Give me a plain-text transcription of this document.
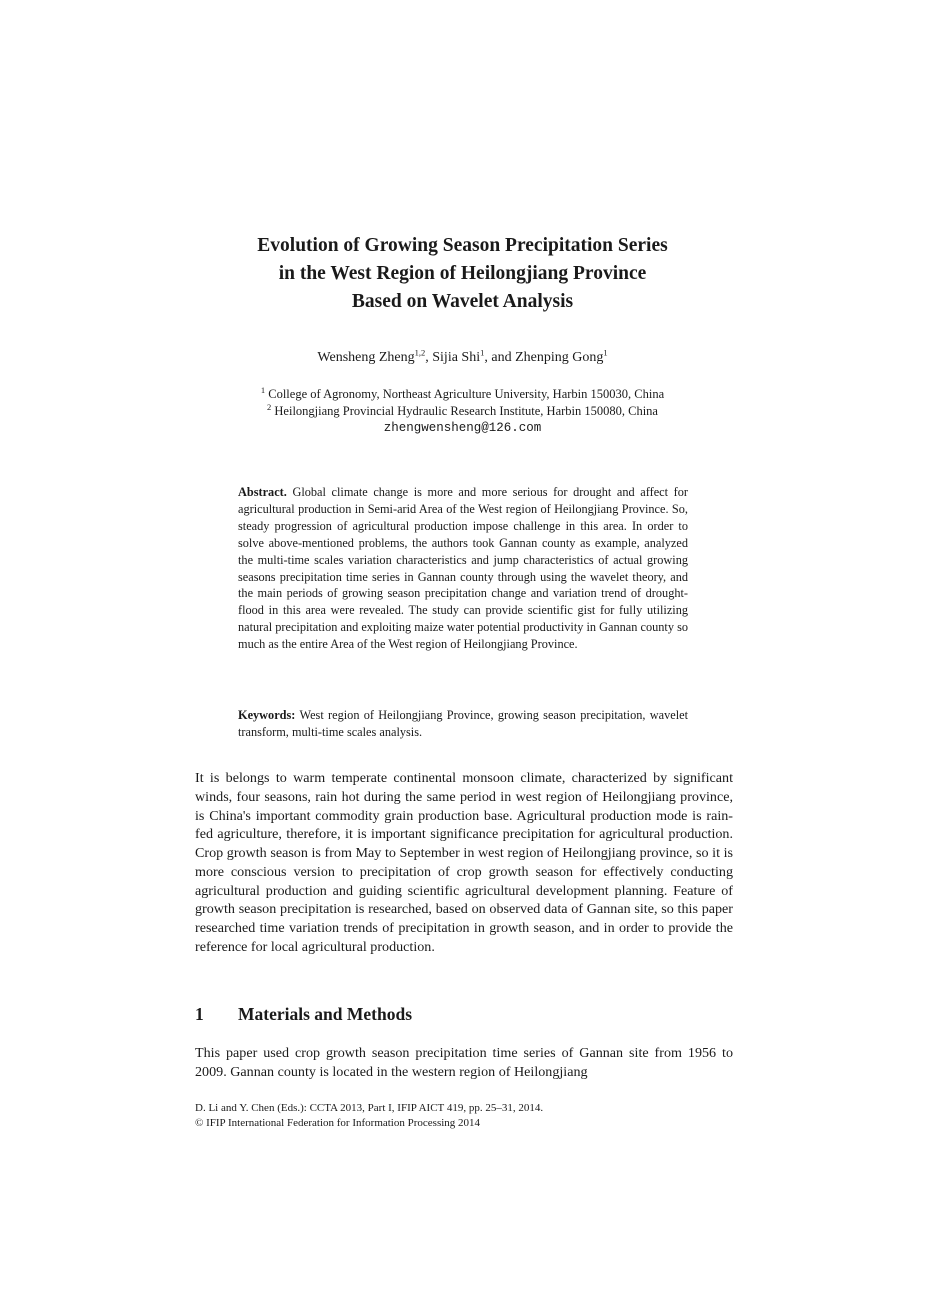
Evolution of Growing Season Precipitation Series
in the West Region of Heilongjiang Province
Based on Wavelet Analysis

Wensheng Zheng$^{1,2}$, Sijia Shi$^1$, and Zhenping Gong$^1$

$^1$ College of Agronomy, Northeast Agriculture University, Harbin 150030, China
$^2$ Heilongjiang Provincial Hydraulic Research Institute, Harbin 150080, China
zhengwensheng@126.com

Abstract. Global climate change is more and more serious for drought and affect for agricultural production in Semi-arid Area of the West region of Heilongjiang Province. So, steady progression of agricultural production impose challenge in this area. In order to solve above-mentioned problems, the authors took Gannan county as example, analyzed the multi-time scales variation characteristics and jump characteristics of actual growing seasons precipitation time series in Gannan county through using the wavelet theory, and the main periods of growing season precipitation change and variation trend of drought-flood in this area were revealed. The study can provide scientific gist for fully utilizing natural precipitation and exploiting maize water potential productivity in Gannan county so much as the entire Area of the West region of Heilongjiang Province.

Keywords: West region of Heilongjiang Province, growing season precipitation, wavelet transform, multi-time scales analysis.

It is belongs to warm temperate continental monsoon climate, characterized by significant winds, four seasons, rain hot during the same period in west region of Heilongjiang province, is China's important commodity grain production base. Agricultural production mode is rain-fed agriculture, therefore, it is important significance precipitation for agricultural production. Crop growth season is from May to September in west region of Heilongjiang province, so it is more conscious version to precipitation of crop growth season for effectively conducting agricultural production and guiding scientific agricultural development planning. Feature of growth season precipitation is researched, based on observed data of Gannan site, so this paper researched time variation trends of precipitation in growth season, and in order to provide the reference for local agricultural production.

1 Materials and Methods

This paper used crop growth season precipitation time series of Gannan site from 1956 to 2009. Gannan county is located in the western region of Heilongjiang

D. Li and Y. Chen (Eds.): CCTA 2013, Part I, IFIP AICT 419, pp. 25–31, 2014.
© IFIP International Federation for Information Processing 2014
